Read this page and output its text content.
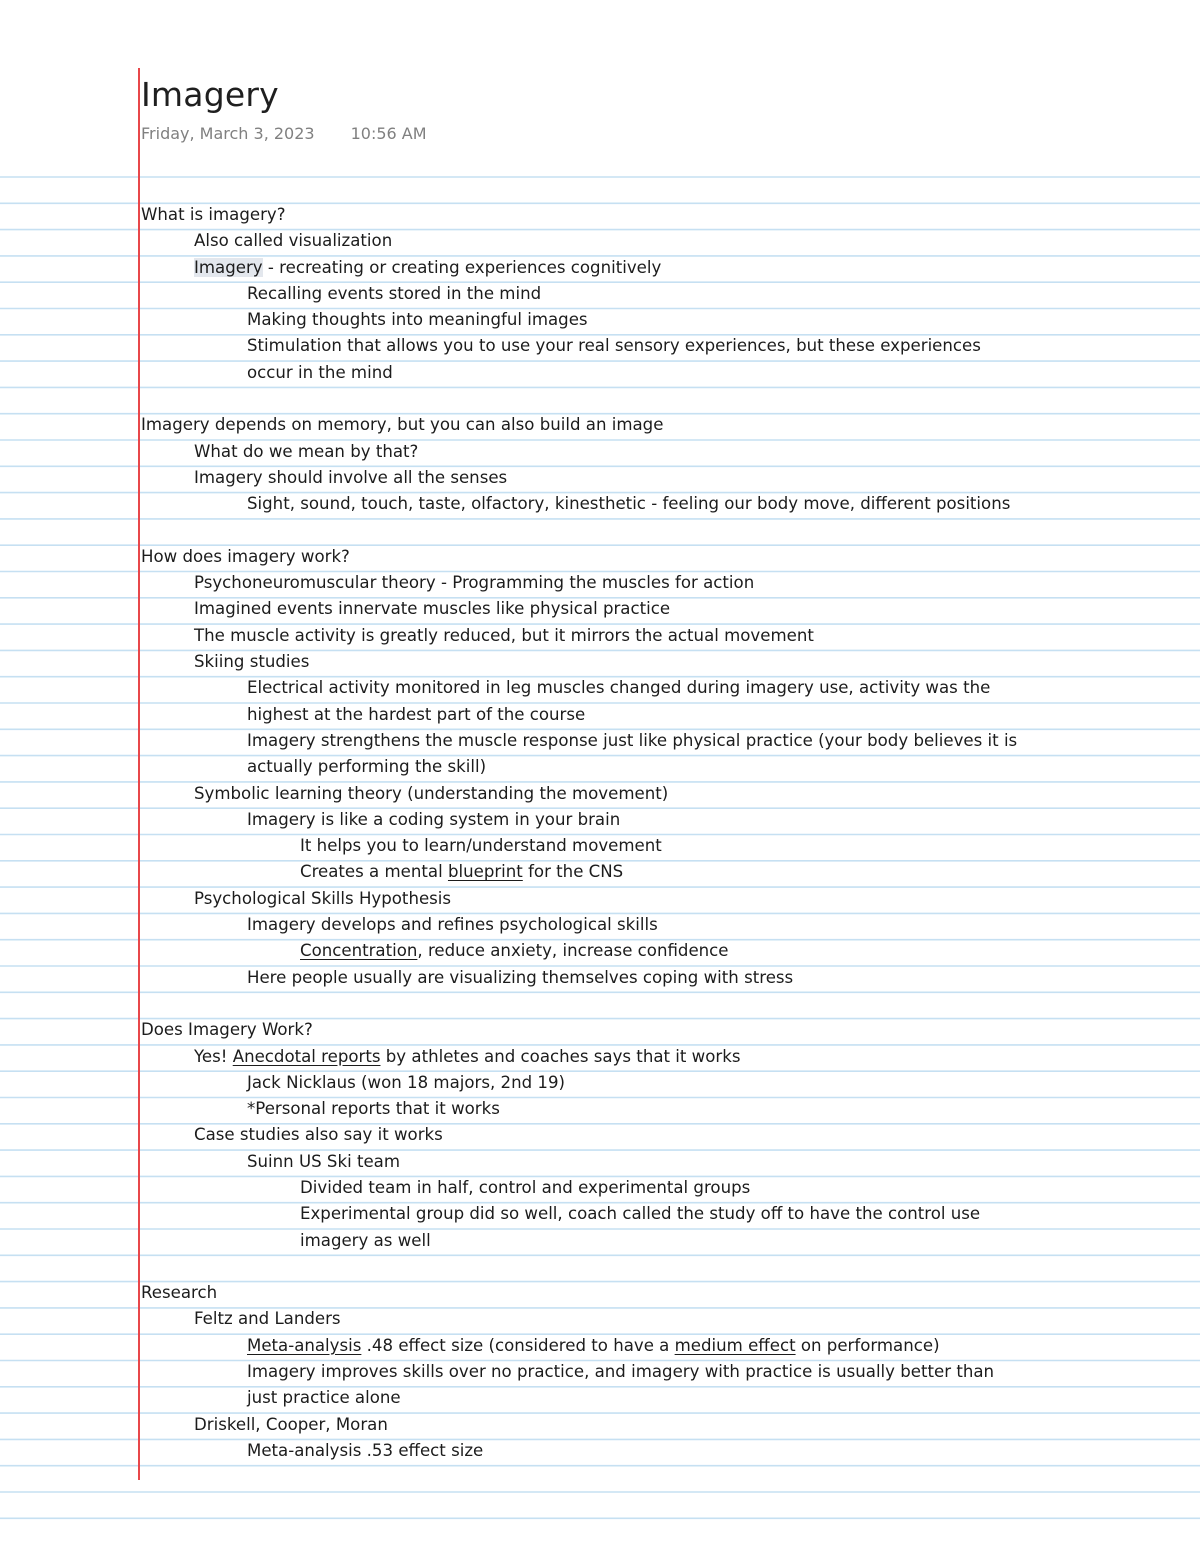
Imagery
Friday, March 3, 2023 10:56 AM
What is imagery?
Also called visualization
Imagery - recreating or creating experiences cognitively
Recalling events stored in the mind
Making thoughts into meaningful images
Stimulation that allows you to use your real sensory experiences, but these experiences
occur in the mind
Imagery depends on memory, but you can also build an image
What do we mean by that?
Imagery should involve all the senses
Sight, sound, touch, taste, olfactory, kinesthetic - feeling our body move, different positions
How does imagery work?
Psychoneuromuscular theory - Programming the muscles for action
Imagined events innervate muscles like physical practice
The muscle activity is greatly reduced, but it mirrors the actual movement
Skiing studies
Electrical activity monitored in leg muscles changed during imagery use, activity was the
highest at the hardest part of the course
Imagery strengthens the muscle response just like physical practice (your body believes it is
actually performing the skill)
Symbolic learning theory (understanding the movement)
Imagery is like a coding system in your brain
It helps you to learn/understand movement
Creates a mental blueprint for the CNS
Psychological Skills Hypothesis
Imagery develops and refines psychological skills
Concentration, reduce anxiety, increase confidence
Here people usually are visualizing themselves coping with stress
Does Imagery Work?
Yes! Anecdotal reports by athletes and coaches says that it works
Jack Nicklaus (won 18 majors, 2nd 19)
*Personal reports that it works
Case studies also say it works
Suinn US Ski team
Divided team in half, control and experimental groups
Experimental group did so well, coach called the study off to have the control use
imagery as well
Research
Feltz and Landers
Meta-analysis .48 effect size (considered to have a medium effect on performance)
Imagery improves skills over no practice, and imagery with practice is usually better than
just practice alone
Driskell, Cooper, Moran
Meta-analysis .53 effect size
